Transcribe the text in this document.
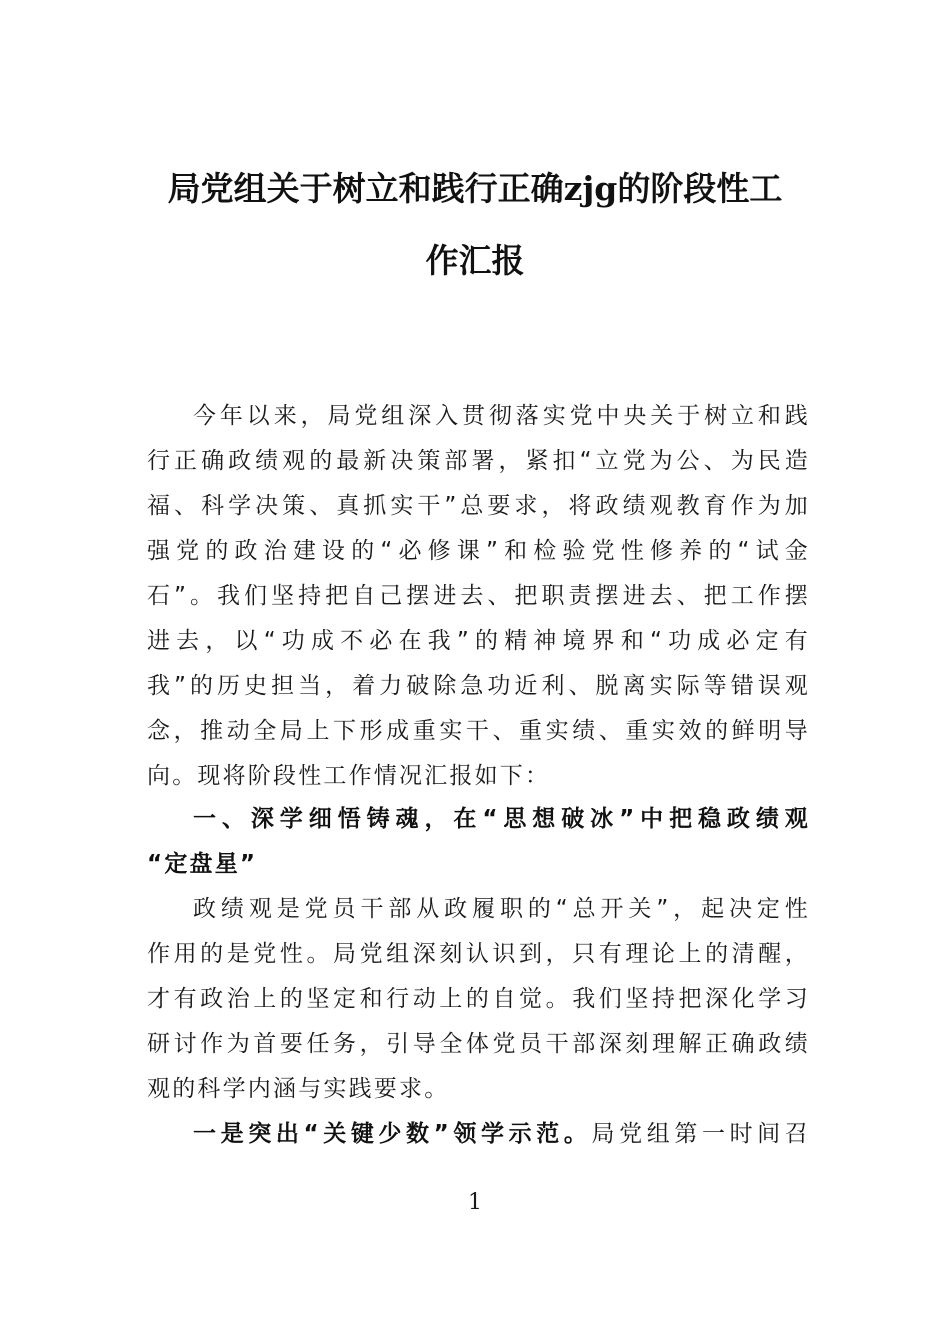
局党组关于树立和践行正确zjg的阶段性工
作汇报
今年以来，局党组深入贯彻落实党中央关于树立和践
行正确政绩观的最新决策部署，紧扣“立党为公、为民造
福、科学决策、真抓实干”总要求，将政绩观教育作为加
强党的政治建设的“必修课”和检验党性修养的“试金
石”。我们坚持把自己摆进去、把职责摆进去、把工作摆
进去，以“功成不必在我”的精神境界和“功成必定有
我”的历史担当，着力破除急功近利、脱离实际等错误观
念，推动全局上下形成重实干、重实绩、重实效的鲜明导
向。现将阶段性工作情况汇报如下：
一、深学细悟铸魂，在“思想破冰”中把稳政绩观
“定盘星”
政绩观是党员干部从政履职的“总开关”，起决定性
作用的是党性。局党组深刻认识到，只有理论上的清醒，
才有政治上的坚定和行动上的自觉。我们坚持把深化学习
研讨作为首要任务，引导全体党员干部深刻理解正确政绩
观的科学内涵与实践要求。
一是突出“关键少数”领学示范。局党组第一时间召
1
